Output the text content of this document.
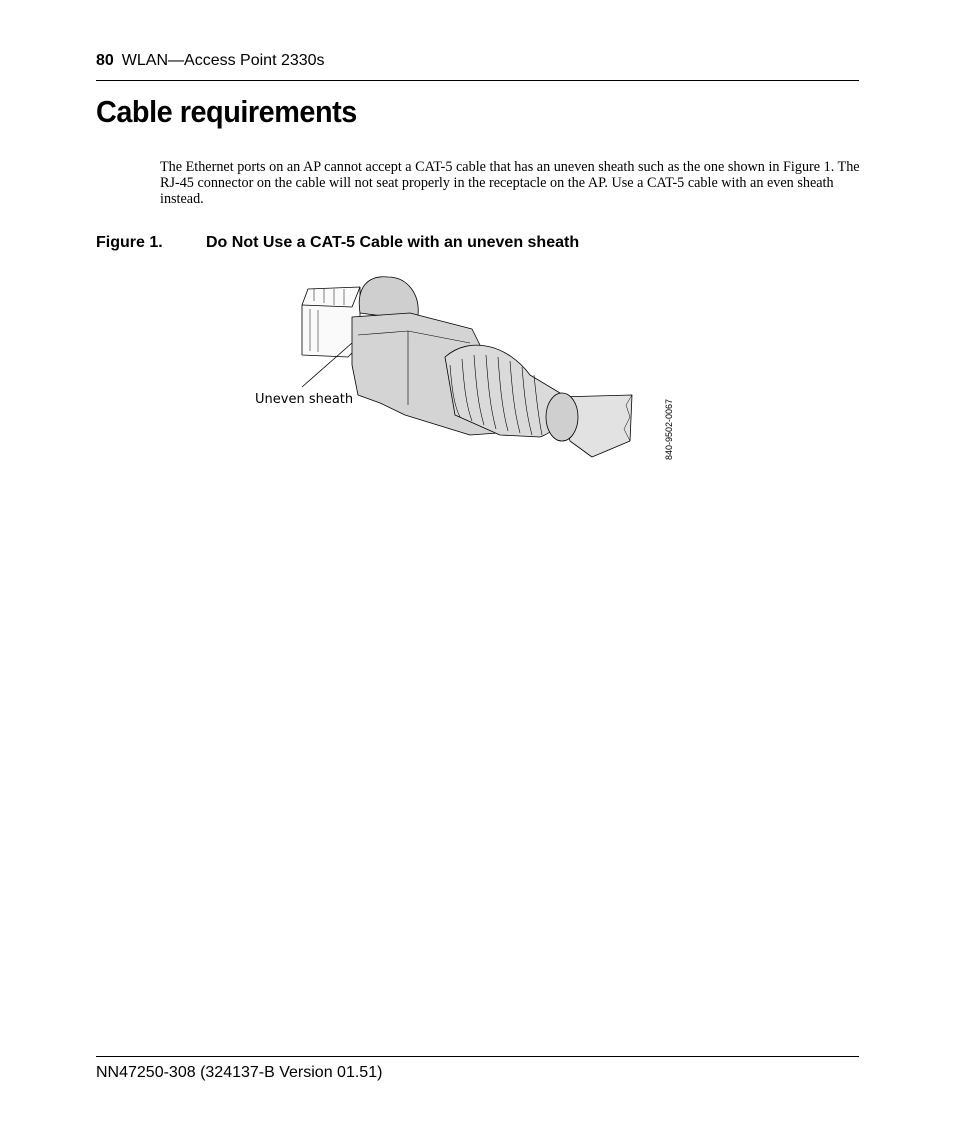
80 WLAN—Access Point 2330s
Cable requirements

The Ethernet ports on an AP cannot accept a CAT-5 cable that has an uneven sheath such as the one shown in Figure 1. The RJ-45 connector on the cable will not seat properly in the receptacle on the AP. Use a CAT-5 cable with an even sheath instead.

Figure 1.	Do Not Use a CAT-5 Cable with an uneven sheath
Uneven sheath	840-9502-0067
NN47250-308 (324137-B Version 01.51)
